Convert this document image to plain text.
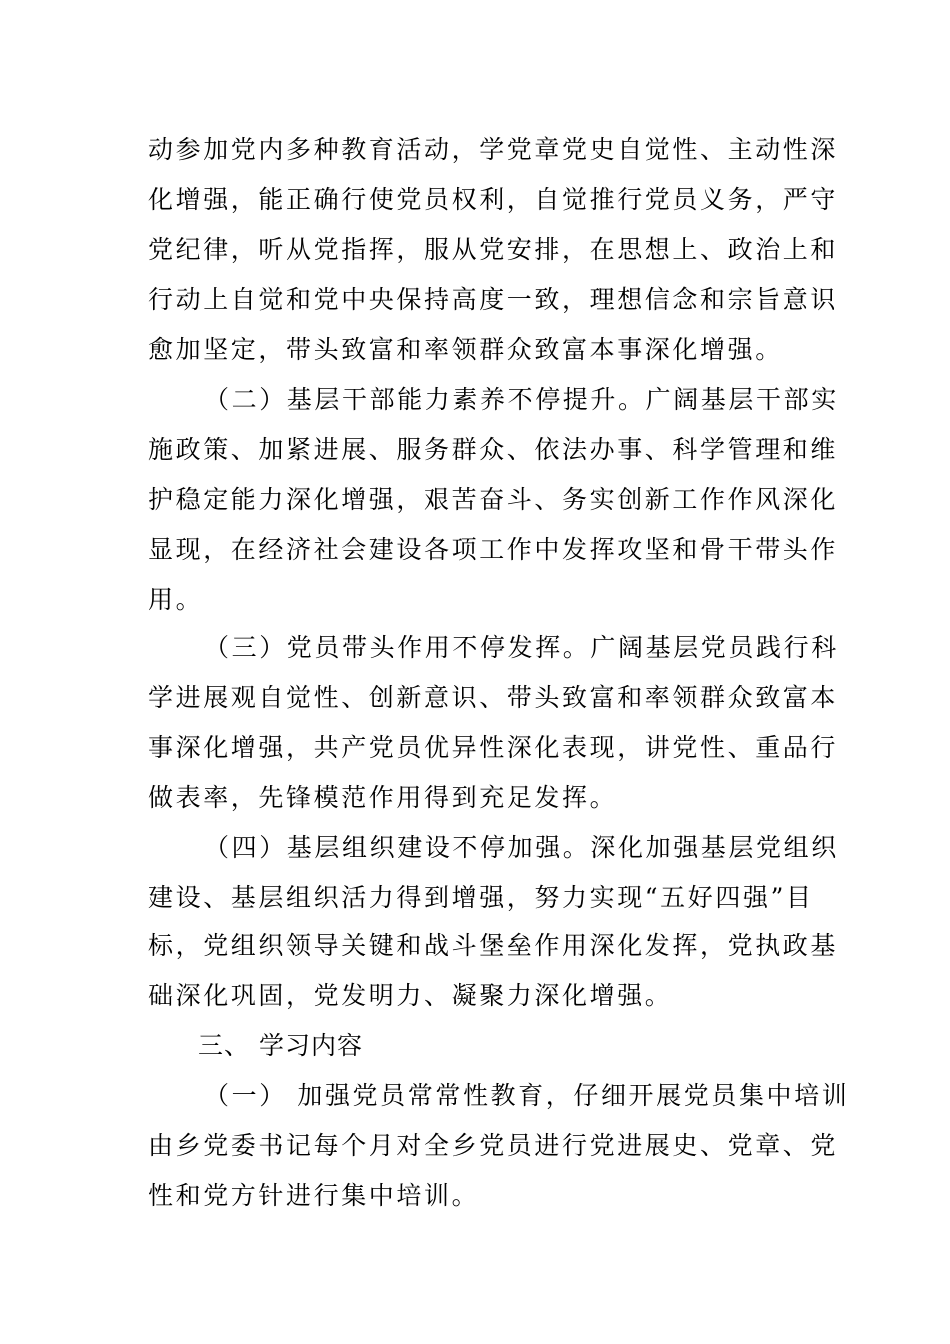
动参加党内多种教育活动，学党章党史自觉性、主动性深
化增强，能正确行使党员权利，自觉推行党员义务，严守
党纪律，听从党指挥，服从党安排，在思想上、政治上和
行动上自觉和党中央保持高度一致，理想信念和宗旨意识
愈加坚定，带头致富和率领群众致富本事深化增强。
（二）基层干部能力素养不停提升。广阔基层干部实
施政策、加紧进展、服务群众、依法办事、科学管理和维
护稳定能力深化增强，艰苦奋斗、务实创新工作作风深化
显现，在经济社会建设各项工作中发挥攻坚和骨干带头作
用。
（三）党员带头作用不停发挥。广阔基层党员践行科
学进展观自觉性、创新意识、带头致富和率领群众致富本
事深化增强，共产党员优异性深化表现，讲党性、重品行
做表率，先锋模范作用得到充足发挥。
（四）基层组织建设不停加强。深化加强基层党组织
建设、基层组织活力得到增强，努力实现“五好四强”目
标，党组织领导关键和战斗堡垒作用深化发挥，党执政基
础深化巩固，党发明力、凝聚力深化增强。
三、 学习内容
（一） 加强党员常常性教育，仔细开展党员集中培训
由乡党委书记每个月对全乡党员进行党进展史、党章、党
性和党方针进行集中培训。
